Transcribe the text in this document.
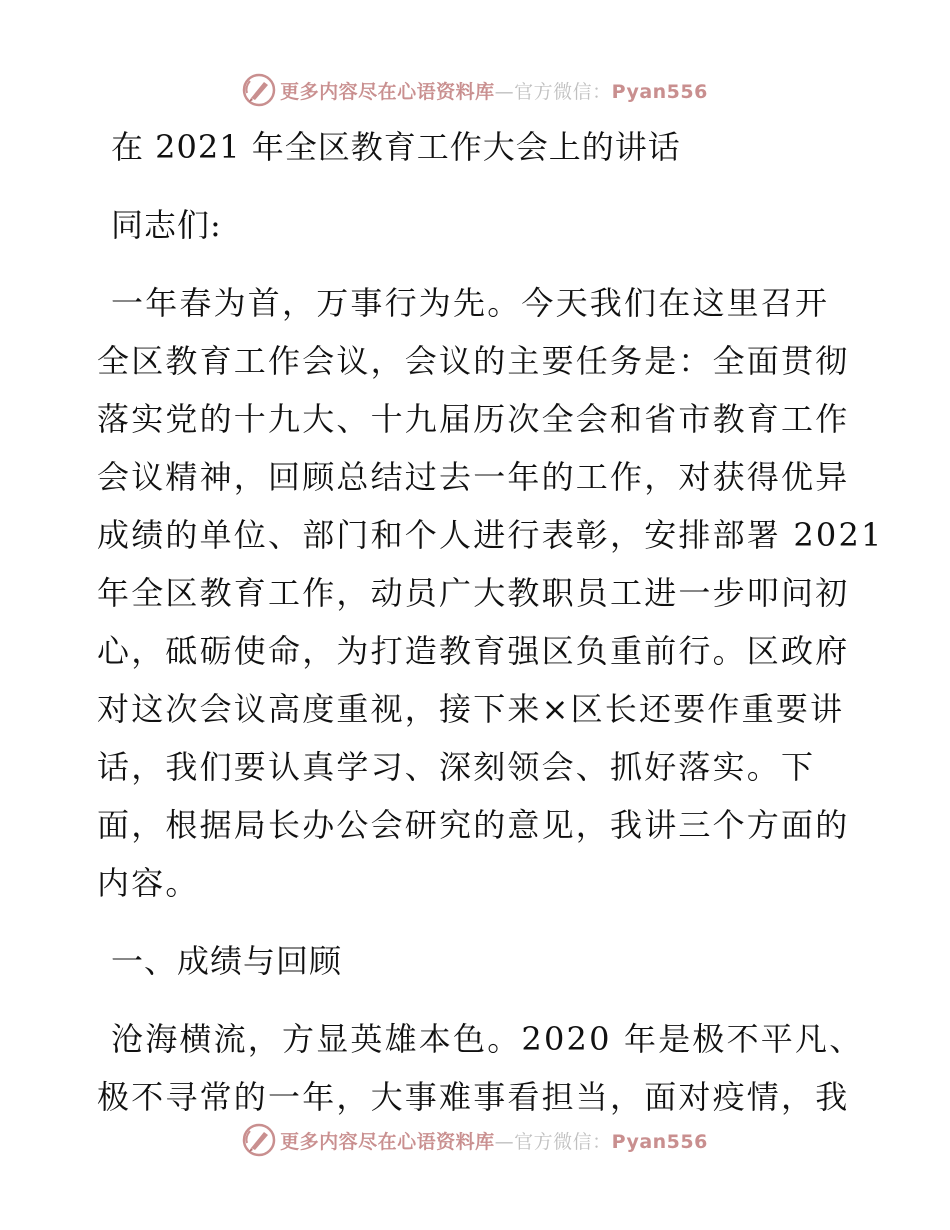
更多内容尽在心语资料库—官方微信：Pyan556
在 2021 年全区教育工作大会上的讲话
同志们:
一年春为首，万事行为先。今天我们在这里召开
全区教育工作会议，会议的主要任务是：全面贯彻
落实党的十九大、十九届历次全会和省市教育工作
会议精神，回顾总结过去一年的工作，对获得优异
成绩的单位、部门和个人进行表彰，安排部署 2021
年全区教育工作，动员广大教职员工进一步叩问初
心，砥砺使命，为打造教育强区负重前行。区政府
对这次会议高度重视，接下来×区长还要作重要讲
话，我们要认真学习、深刻领会、抓好落实。下
面，根据局长办公会研究的意见，我讲三个方面的
内容。
一、成绩与回顾
沧海横流，方显英雄本色。2020 年是极不平凡、
极不寻常的一年，大事难事看担当，面对疫情，我
更多内容尽在心语资料库—官方微信：Pyan556
